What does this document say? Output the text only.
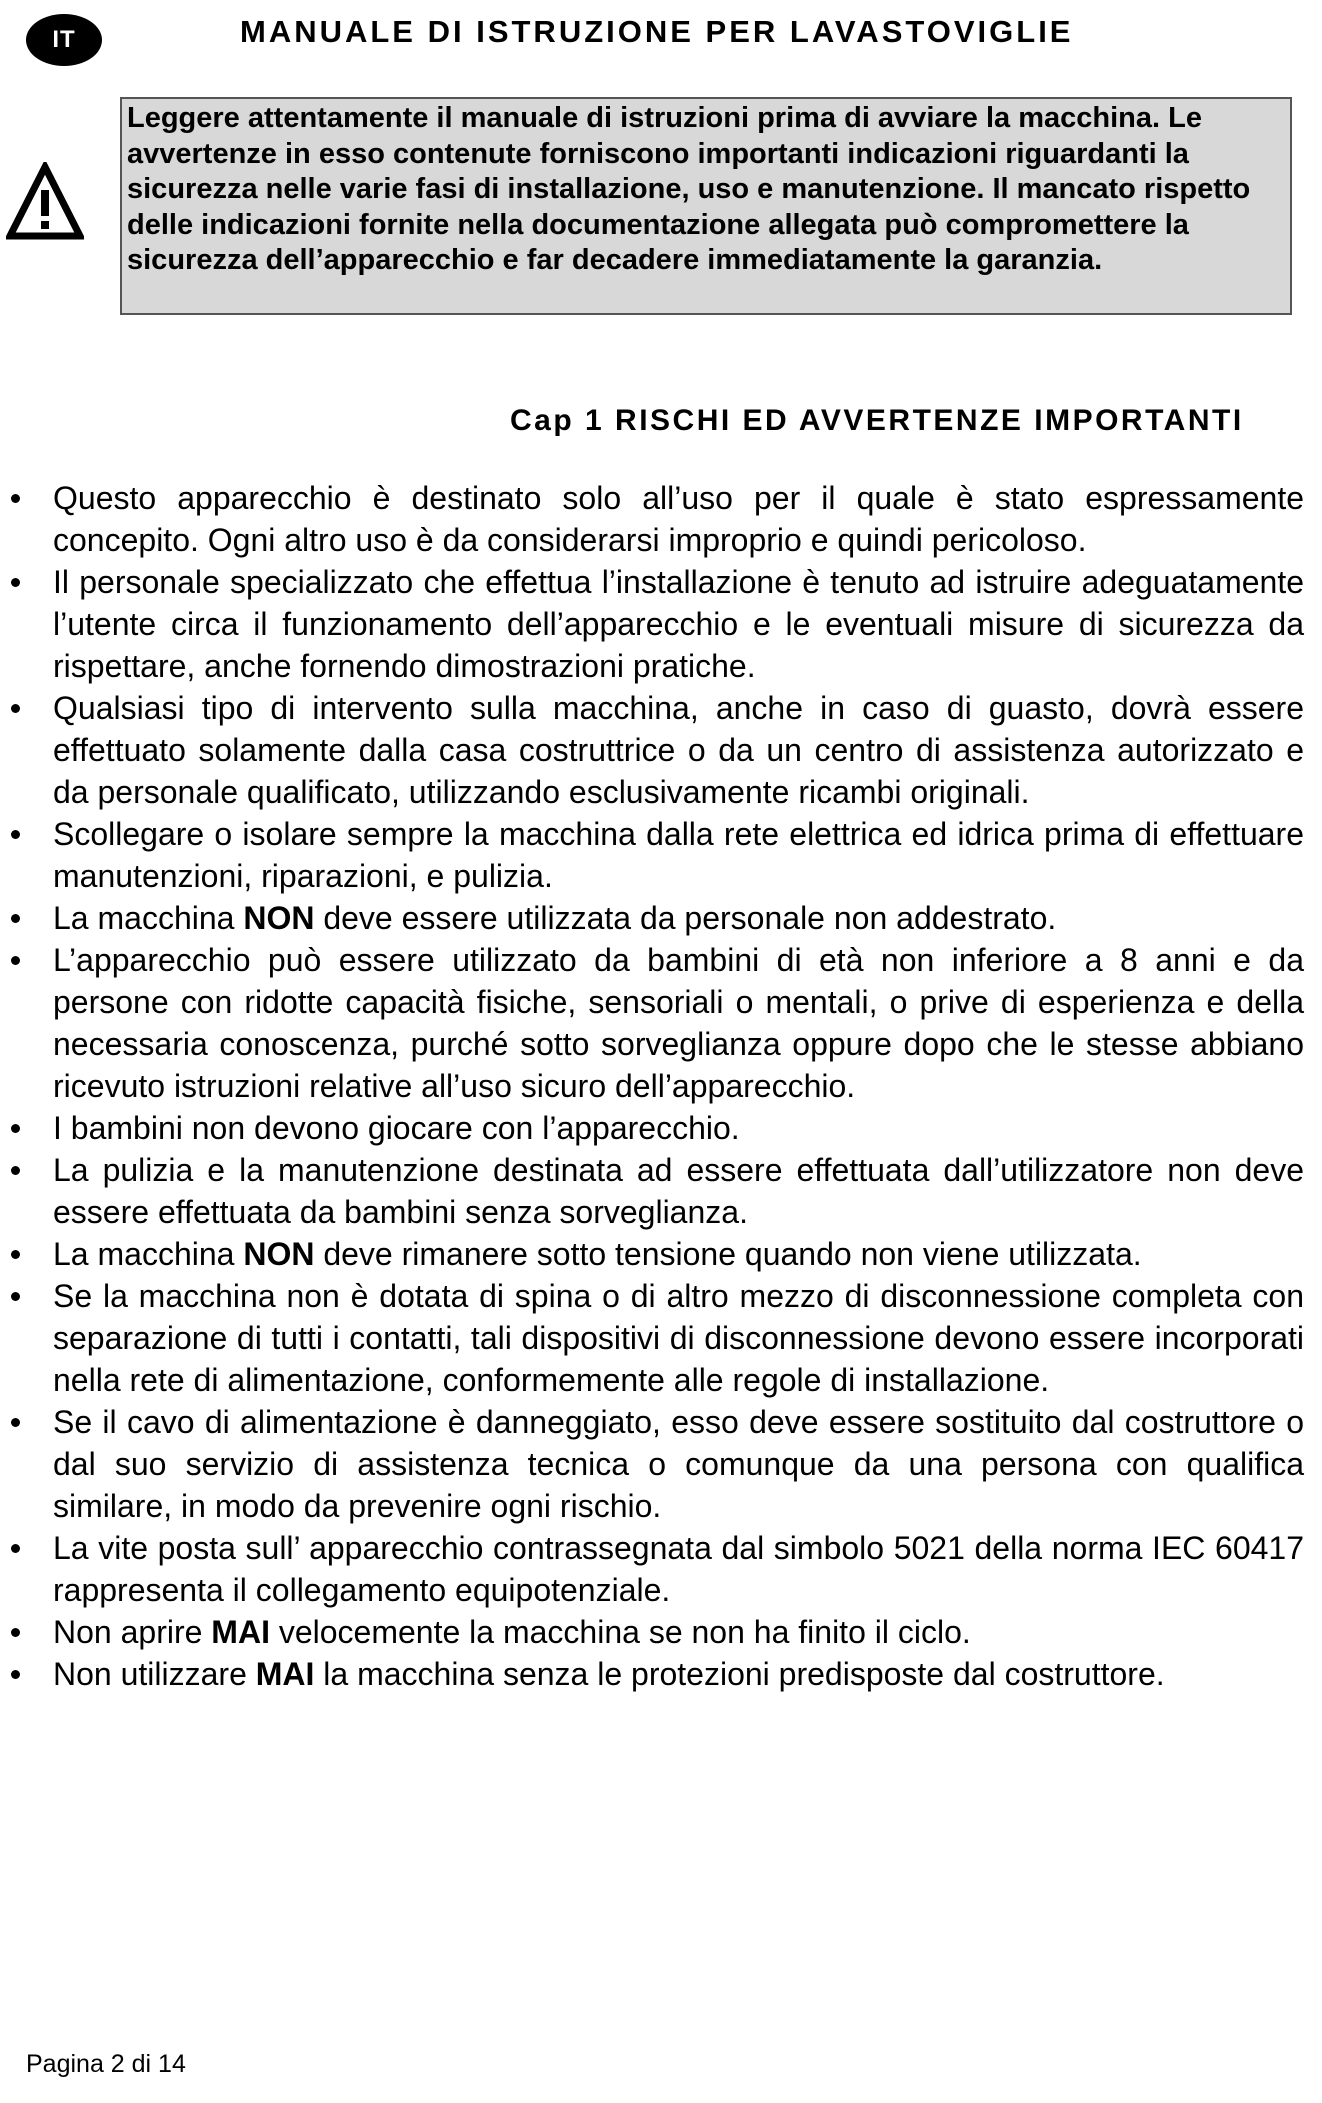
IT	MANUALE DI ISTRUZIONE PER LAVASTOVIGLIE
Leggere attentamente il manuale di istruzioni prima di avviare la macchina. Le avvertenze in esso contenute forniscono importanti indicazioni riguardanti la sicurezza nelle varie fasi di installazione, uso e manutenzione. Il mancato rispetto delle indicazioni fornite nella documentazione allegata può compromettere la sicurezza dell’apparecchio e far decadere immediatamente la garanzia.
Cap 1 RISCHI ED AVVERTENZE IMPORTANTI
Questo apparecchio è destinato solo all’uso per il quale è stato espressamente concepito. Ogni altro uso è da considerarsi improprio e quindi pericoloso.
Il personale specializzato che effettua l’installazione è tenuto ad istruire adeguatamente l’utente circa il funzionamento dell’apparecchio e le eventuali misure di sicurezza da rispettare, anche fornendo dimostrazioni pratiche.
Qualsiasi tipo di intervento sulla macchina, anche in caso di guasto, dovrà essere effettuato solamente dalla casa costruttrice o da un centro di assistenza autorizzato e da personale qualificato, utilizzando esclusivamente ricambi originali.
Scollegare o isolare sempre la macchina dalla rete elettrica ed idrica prima di effettuare manutenzioni, riparazioni, e pulizia.
La macchina NON deve essere utilizzata da personale non addestrato.
L’apparecchio può essere utilizzato da bambini di età non inferiore a 8 anni e da persone con ridotte capacità fisiche, sensoriali o mentali, o prive di esperienza e della necessaria conoscenza, purché sotto sorveglianza oppure dopo che le stesse abbiano ricevuto istruzioni relative all’uso sicuro dell’apparecchio.
I bambini non devono giocare con l’apparecchio.
La pulizia e la manutenzione destinata ad essere effettuata dall’utilizzatore non deve essere effettuata da bambini senza sorveglianza.
La macchina NON deve rimanere sotto tensione quando non viene utilizzata.
Se la macchina non è dotata di spina o di altro mezzo di disconnessione completa con separazione di tutti i contatti, tali dispositivi di disconnessione devono essere incorporati nella rete di alimentazione, conformemente alle regole di installazione.
Se il cavo di alimentazione è danneggiato, esso deve essere sostituito dal costruttore o dal suo servizio di assistenza tecnica o comunque da una persona con qualifica similare, in modo da prevenire ogni rischio.
La vite posta sull’ apparecchio contrassegnata dal simbolo 5021 della norma IEC 60417 rappresenta il collegamento equipotenziale.
Non aprire MAI velocemente la macchina se non ha finito il ciclo.
Non utilizzare MAI la macchina senza le protezioni predisposte dal costruttore.
Pagina 2 di 14
